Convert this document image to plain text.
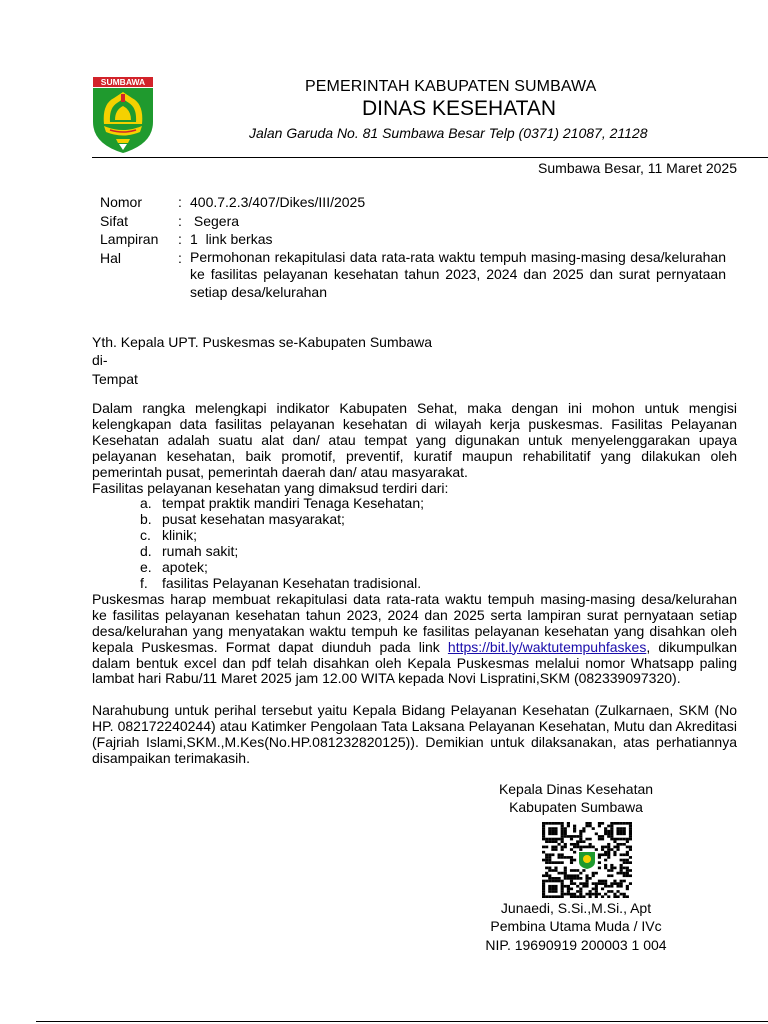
SUMBAWA	PEMERINTAH KABUPATEN SUMBAWA
DINAS KESEHATAN
Jalan Garuda No. 81 Sumbawa Besar Telp (0371) 21087, 21128
Sumbawa Besar, 11 Maret 2025
Nomor	: 400.7.2.3/407/Dikes/III/2025
Sifat	: Segera
Lampiran : 1  link berkas
Hal	: Permohonan rekapitulasi data rata-rata waktu tempuh masing-masing desa/kelurahan ke fasilitas pelayanan kesehatan tahun 2023, 2024 dan 2025 dan surat pernyataan setiap desa/kelurahan
Yth. Kepala UPT. Puskesmas se-Kabupaten Sumbawa
di-
Tempat

Dalam rangka melengkapi indikator Kabupaten Sehat, maka dengan ini mohon untuk mengisi kelengkapan data fasilitas pelayanan kesehatan di wilayah kerja puskesmas. Fasilitas Pelayanan Kesehatan adalah suatu alat dan/ atau tempat yang digunakan untuk menyelenggarakan upaya pelayanan kesehatan, baik promotif, preventif, kuratif maupun rehabilitatif yang dilakukan oleh pemerintah pusat, pemerintah daerah dan/ atau masyarakat.

Fasilitas pelayanan kesehatan yang dimaksud terdiri dari:

a. tempat praktik mandiri Tenaga Kesehatan;
b. pusat kesehatan masyarakat;
c. klinik;
d. rumah sakit;
e. apotek;
f. fasilitas Pelayanan Kesehatan tradisional.

Puskesmas harap membuat rekapitulasi data rata-rata waktu tempuh masing-masing desa/kelurahan ke fasilitas pelayanan kesehatan tahun 2023, 2024 dan 2025 serta lampiran surat pernyataan setiap desa/kelurahan yang menyatakan waktu tempuh ke fasilitas pelayanan kesehatan yang disahkan oleh kepala Puskesmas. Format dapat diunduh pada link https://bit.ly/waktutempuhfaskes, dikumpulkan dalam bentuk excel dan pdf telah disahkan oleh Kepala Puskesmas melalui nomor Whatsapp paling lambat hari Rabu/11 Maret 2025 jam 12.00 WITA kepada Novi Lispratini,SKM (082339097320).

Narahubung untuk perihal tersebut yaitu Kepala Bidang Pelayanan Kesehatan (Zulkarnaen, SKM (No HP. 082172240244) atau Katimker Pengolaan Tata Laksana Pelayanan Kesehatan, Mutu dan Akreditasi (Fajriah Islami,SKM.,M.Kes(No.HP.081232820125)). Demikian untuk dilaksanakan, atas perhatiannya disampaikan terimakasih.

Kepala Dinas Kesehatan
Kabupaten Sumbawa
Junaedi, S.Si.,M.Si., Apt
Pembina Utama Muda / IVc
NIP. 19690919 200003 1 004
